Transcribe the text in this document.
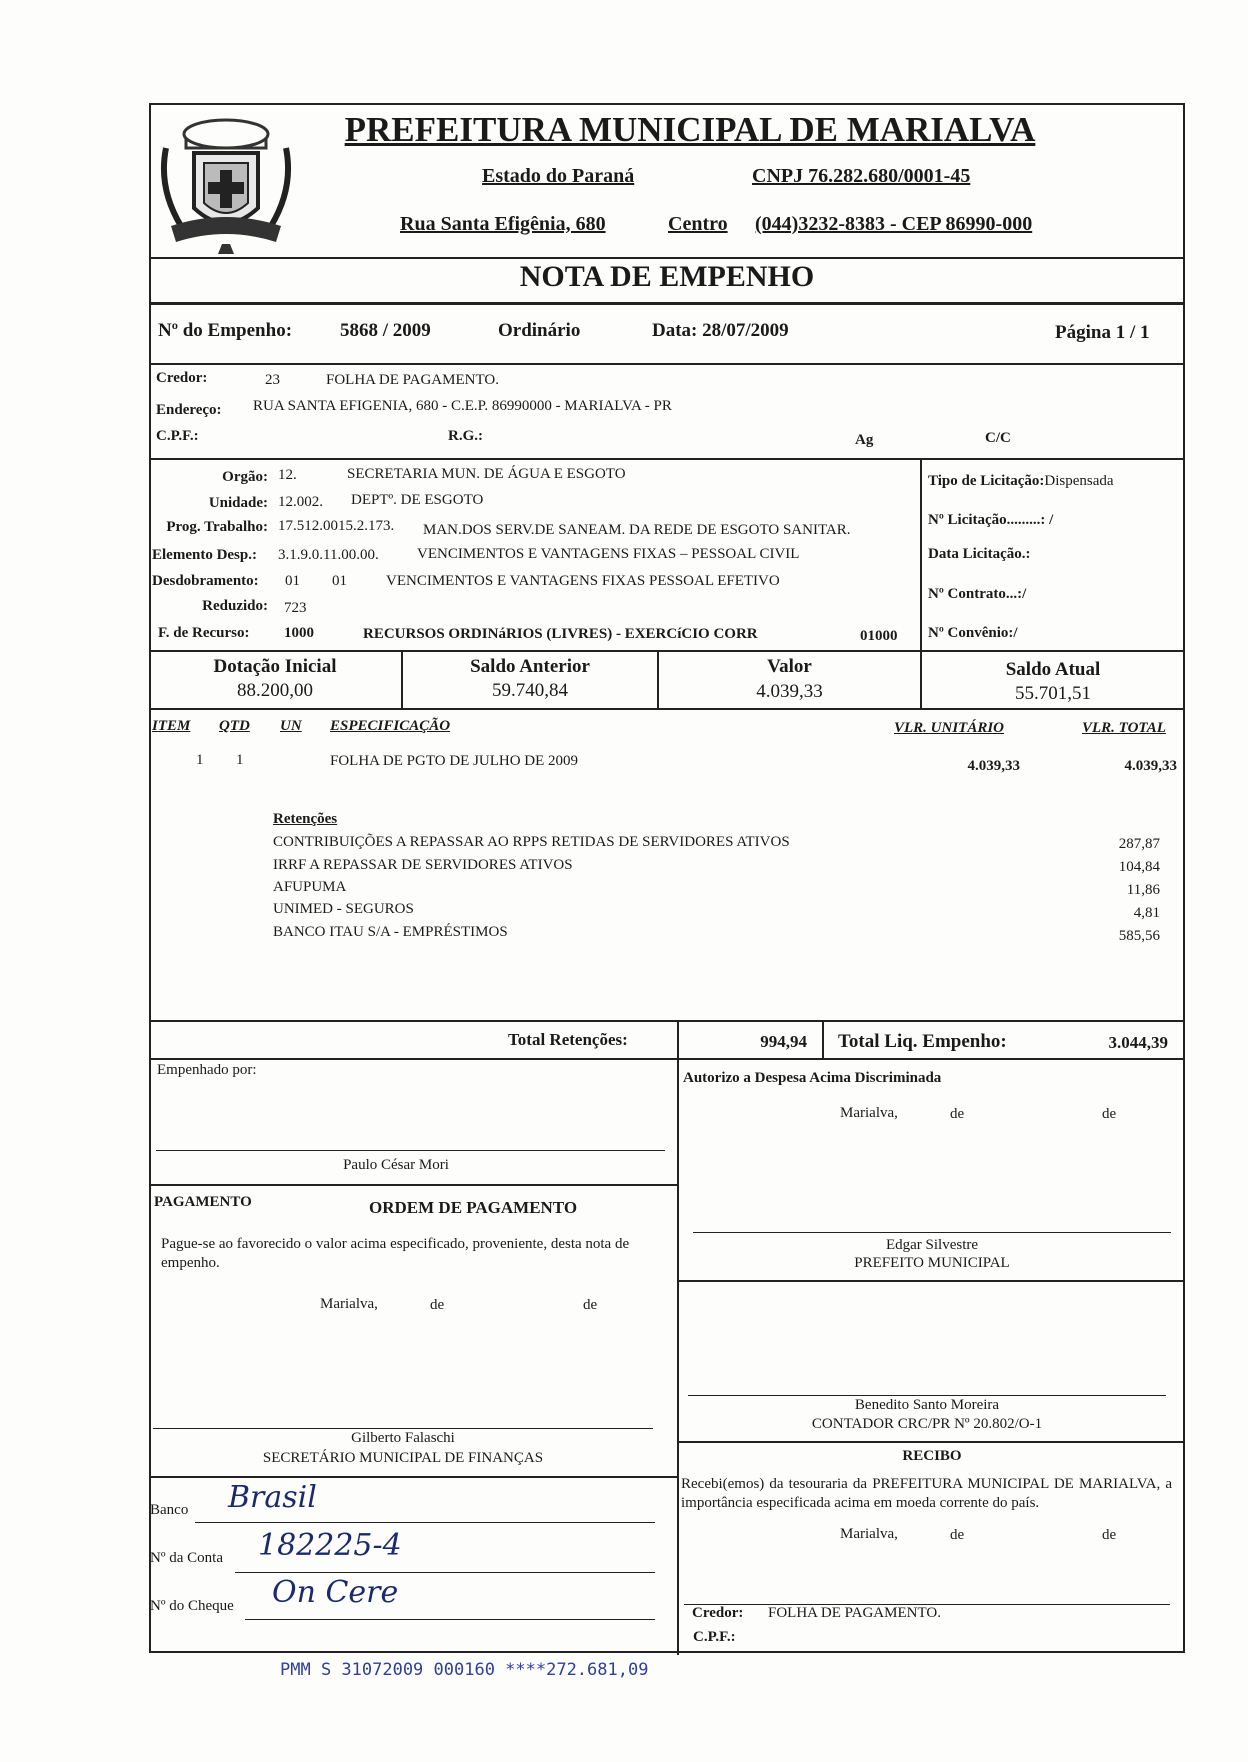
PREFEITURA MUNICIPAL DE MARIALVA
Estado do Paraná	CNPJ 76.282.680/0001-45
Rua Santa Efigênia, 680	Centro (044)3232-8383 - CEP 86990-000
NOTA DE EMPENHO
Nº do Empenho:	5868 / 2009	Ordinário	Data: 28/07/2009	Página 1 / 1
Credor:	23	FOLHA DE PAGAMENTO.
Endereço: RUA SANTA EFIGENIA, 680 - C.E.P. 86990000 - MARIALVA - PR
C.P.F.:	R.G.:	Ag	C/C
Orgão: 12.	SECRETARIA MUN. DE ÁGUA E ESGOTO
Unidade: 12.002. DEPTº. DE ESGOTO
Prog. Trabalho: 17.512.0015.2.173. MAN.DOS SERV.DE SANEAM. DA REDE DE ESGOTO SANITAR.
Elemento Desp.: 3.1.9.0.11.00.00.	VENCIMENTOS E VANTAGENS FIXAS – PESSOAL CIVIL
Desdobramento: 01 01	VENCIMENTOS E VANTAGENS FIXAS PESSOAL EFETIVO
Reduzido: 723
F. de Recurso: 1000	RECURSOS ORDINáRIOS (LIVRES) - EXERCíCIO CORR	01000
Tipo de Licitação:Dispensada
Nº Licitação.........: /
Data Licitação.:
Nº Contrato...:/
Nº Convênio:/
Dotação Inicial
88.200,00
Saldo Anterior
59.740,84
Valor
4.039,33
Saldo Atual
55.701,51
ITEM QTD UN ESPECIFICAÇÃO	VLR. UNITÁRIO	VLR. TOTAL
1 1	FOLHA DE PGTO DE JULHO DE 2009	4.039,33	4.039,33
Retenções
CONTRIBUIÇÕES A REPASSAR AO RPPS RETIDAS DE SERVIDORES ATIVOS	287,87
IRRF A REPASSAR DE SERVIDORES ATIVOS	104,84
AFUPUMA	11,86
UNIMED - SEGUROS	4,81
BANCO ITAU S/A - EMPRÉSTIMOS	585,56
Total Retenções:	994,94 Total Liq. Empenho:	3.044,39
Empenhado por:
Paulo César Mori
PAGAMENTO	ORDEM DE PAGAMENTO
Pague-se ao favorecido o valor acima especificado, proveniente, desta nota de empenho.
Marialva,	de	de
Gilberto Falaschi
SECRETÁRIO MUNICIPAL DE FINANÇAS
Banco Brasil
Nº da Conta 182225-4
Nº do Cheque On Cere
Autorizo a Despesa Acima Discriminada
Marialva,	de	de
Edgar Silvestre
PREFEITO MUNICIPAL
Benedito Santo Moreira
CONTADOR CRC/PR Nº 20.802/O-1
RECIBO
Recebi(emos) da tesouraria da PREFEITURA MUNICIPAL DE MARIALVA, a importância especificada acima em moeda corrente do país.
Marialva,	de	de
Credor: FOLHA DE PAGAMENTO.
C.P.F.:
PMM S 31072009 000160 ****272.681,09
